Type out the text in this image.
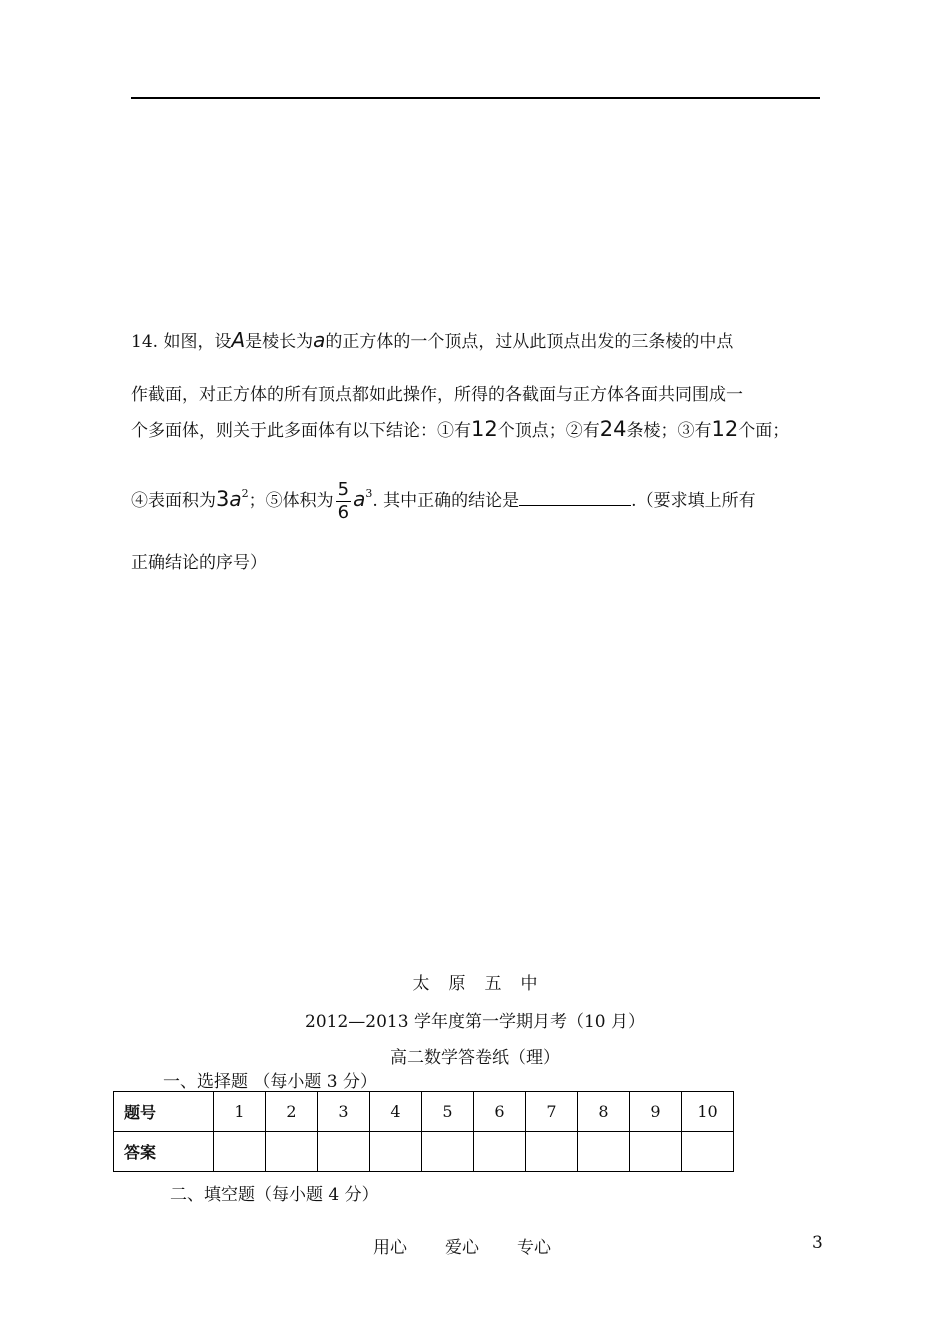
14. 如图，设A是棱长为a的正方体的一个顶点，过从此顶点出发的三条棱的中点
作截面，对正方体的所有顶点都如此操作，所得的各截面与正方体各面共同围成一
个多面体，则关于此多面体有以下结论：①有12个顶点；②有24条棱；③有12个面；
④表面积为$3a^2$；⑤体积为 $\frac{5}{6} a^3$. 其中正确的结论是	.（要求填上所有
正确结论的序号）
太原五中
2012—2013 学年度第一学期月考（10 月）
高二数学答卷纸（理）
一、选择题 （每小题 3 分）
题号	1	2	3	4	5	6	7	8	9	10
答案										
二、填空题（每小题 4 分）
用心 爱心 专心	3
